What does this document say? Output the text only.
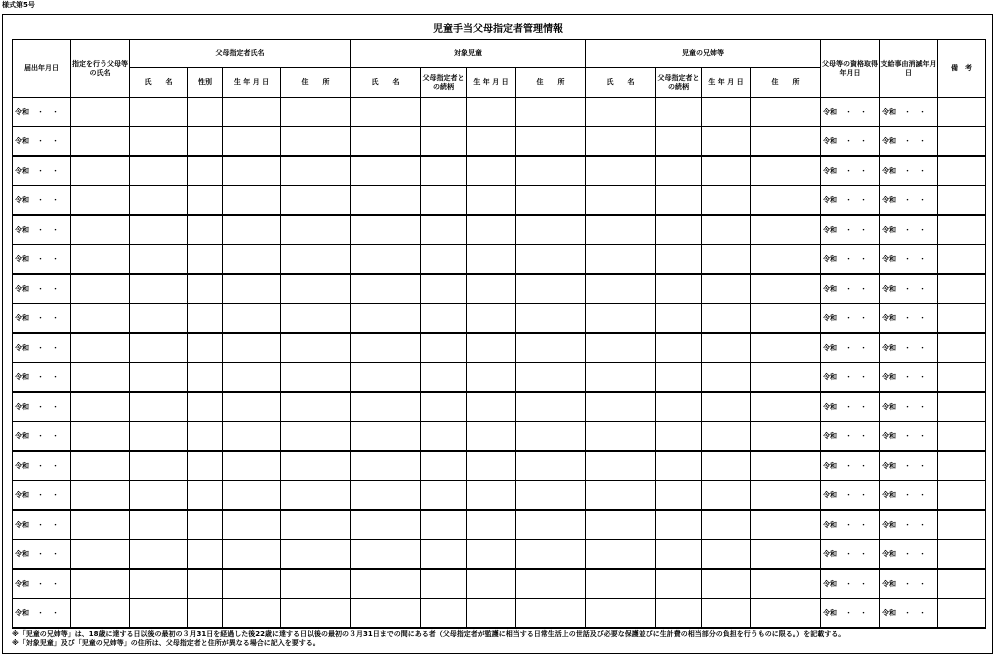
様式第5号
児童手当父母指定者管理情報
届出年月日	指定を行う父母等の氏名	父母指定者氏名				対象児童				児童の兄姉等				父母等の資格取得年月日	支給事由消滅年月日	備　考
		氏　　名	性別	生 年 月 日	住　　所	氏　　名	父母指定者との続柄	生 年 月 日	住　　所	氏　　名	父母指定者との続柄	生 年 月 日	住　　所			

令和 ・・														令和 ・・	令和 ・・	

令和 ・・														令和 ・・	令和 ・・	

令和 ・・														令和 ・・	令和 ・・	

令和 ・・														令和 ・・	令和 ・・	

令和 ・・														令和 ・・	令和 ・・	

令和 ・・														令和 ・・	令和 ・・	

令和 ・・														令和 ・・	令和 ・・	

令和 ・・														令和 ・・	令和 ・・	

令和 ・・														令和 ・・	令和 ・・	

令和 ・・														令和 ・・	令和 ・・	

令和 ・・														令和 ・・	令和 ・・	

令和 ・・														令和 ・・	令和 ・・	

令和 ・・														令和 ・・	令和 ・・	

令和 ・・														令和 ・・	令和 ・・	

令和 ・・														令和 ・・	令和 ・・	

令和 ・・														令和 ・・	令和 ・・	

令和 ・・														令和 ・・	令和 ・・	

令和 ・・														令和 ・・	令和 ・・	

※「児童の兄姉等」は、18歳に達する日以後の最初の３月31日を経過した後22歳に達する日以後の最初の３月31日までの間にある者（父母指定者が監護に相当する日常生活上の世話及び必要な保護並びに生計費の相当部分の負担を行うものに限る。）を記載する。

※「対象児童」及び「児童の兄姉等」の住所は、父母指定者と住所が異なる場合に記入を要する。
